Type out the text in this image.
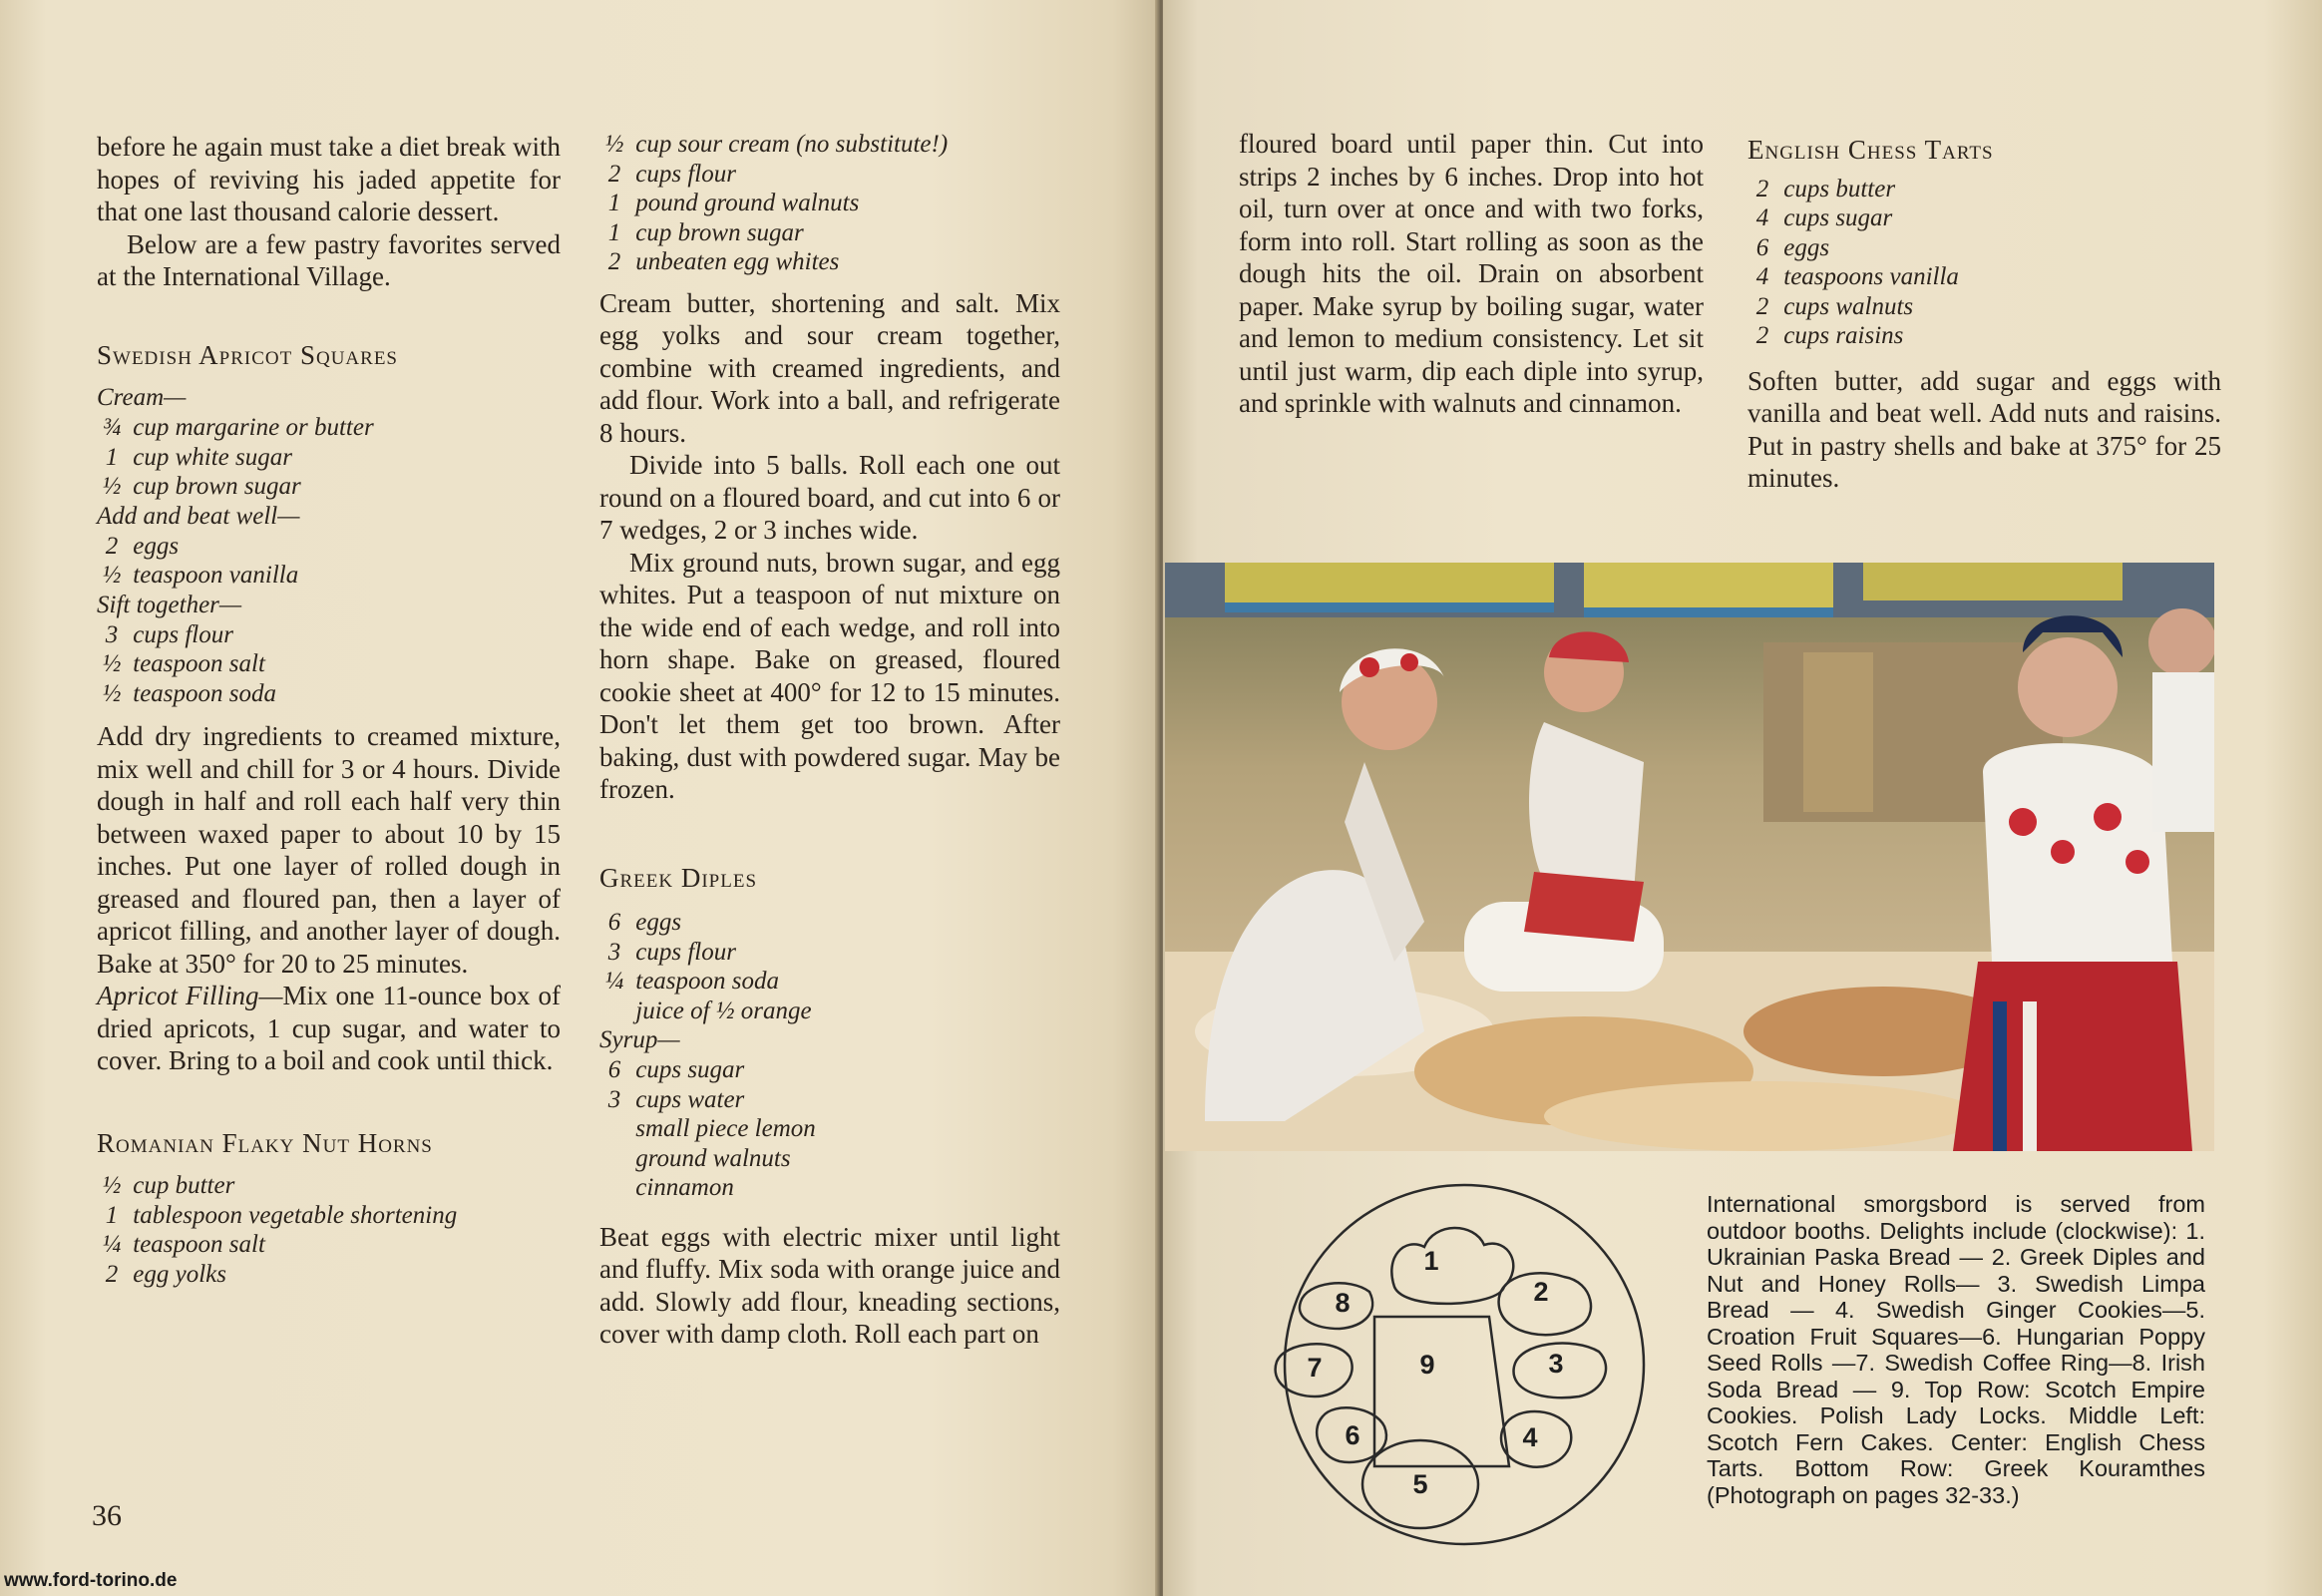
before he again must take a diet break with hopes of reviving his jaded appetite for that one last thousand calorie dessert.

Below are a few pastry favorites served at the International Village.

Swedish Apricot Squares
Cream—
¾ cup margarine or butter
1 cup white sugar
½ cup brown sugar
Add and beat well—
2 eggs
½ teaspoon vanilla
Sift together—
3 cups flour
½ teaspoon salt
½ teaspoon soda

Add dry ingredients to creamed mixture, mix well and chill for 3 or 4 hours. Divide dough in half and roll each half very thin between waxed paper to about 10 by 15 inches. Put one layer of rolled dough in greased and floured pan, then a layer of apricot filling, and another layer of dough. Bake at 350° for 20 to 25 minutes.

Apricot Filling—Mix one 11-ounce box of dried apricots, 1 cup sugar, and water to cover. Bring to a boil and cook until thick.

Romanian Flaky Nut Horns
½ cup butter
1 tablespoon vegetable shortening
¼ teaspoon salt
2 egg yolks
½ cup sour cream (no substitute!)
2 cups flour
1 pound ground walnuts
1 cup brown sugar
2 unbeaten egg whites

Cream butter, shortening and salt. Mix egg yolks and sour cream together, combine with creamed ingredients, and add flour. Work into a ball, and refrigerate 8 hours.

Divide into 5 balls. Roll each one out round on a floured board, and cut into 6 or 7 wedges, 2 or 3 inches wide.

Mix ground nuts, brown sugar, and egg whites. Put a teaspoon of nut mixture on the wide end of each wedge, and roll into horn shape. Bake on greased, floured cookie sheet at 400° for 12 to 15 minutes. Don't let them get too brown. After baking, dust with powdered sugar. May be frozen.

Greek Diples
6 eggs
3 cups flour
¼ teaspoon soda
juice of ½ orange
Syrup—
6 cups sugar
3 cups water
small piece lemon
ground walnuts
cinnamon

Beat eggs with electric mixer until light and fluffy. Mix soda with orange juice and add. Slowly add flour, kneading sections, cover with damp cloth. Roll each part on

36
www.ford-torino.de

floured board until paper thin. Cut into strips 2 inches by 6 inches. Drop into hot oil, turn over at once and with two forks, form into roll. Start rolling as soon as the dough hits the oil. Drain on absorbent paper. Make syrup by boiling sugar, water and lemon to medium consistency. Let sit until just warm, dip each diple into syrup, and sprinkle with walnuts and cinnamon.

English Chess Tarts
2 cups butter
4 cups sugar
6 eggs
4 teaspoons vanilla
2 cups walnuts
2 cups raisins

Soften butter, add sugar and eggs with vanilla and beat well. Add nuts and raisins. Put in pastry shells and bake at 375° for 25 minutes.

1
2
3
4
5
6
7
8
9

International smorgsbord is served from outdoor booths. Delights include (clockwise): 1. Ukrainian Paska Bread — 2. Greek Diples and Nut and Honey Rolls— 3. Swedish Limpa Bread — 4. Swedish Ginger Cookies—5. Croation Fruit Squares—6. Hungarian Poppy Seed Rolls —7. Swedish Coffee Ring—8. Irish Soda Bread — 9. Top Row: Scotch Empire Cookies. Polish Lady Locks. Middle Left: Scotch Fern Cakes. Center: English Chess Tarts. Bottom Row: Greek Kouramthes (Photograph on pages 32-33.)
